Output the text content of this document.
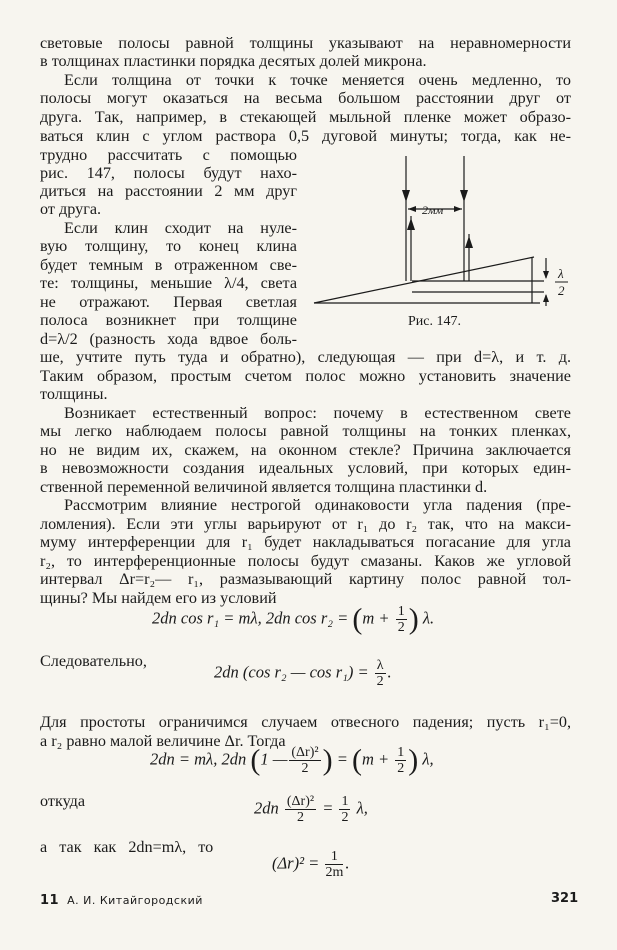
световые полосы равной толщины указывают на неравномерности
в толщинах пластинки порядка десятых долей микрона.
Если толщина от точки к точке меняется очень медленно, то
полосы могут оказаться на весьма большом расстоянии друг от
друга. Так, например, в стекающей мыльной пленке может образо-
ваться клин с углом раствора 0,5 дуговой минуты; тогда, как не-
трудно рассчитать с помощью
рис. 147, полосы будут нахо-
диться на расстоянии 2 мм друг
от друга.
Если клин сходит на нуле-
вую толщину, то конец клина
будет темным в отраженном све-
те: толщины, меньшие λ/4, света
не отражают. Первая светлая
полоса возникнет при толщине
d=λ/2 (разность хода вдвое боль-
ше, учтите путь туда и обратно), следующая — при d=λ, и т. д.
Таким образом, простым счетом полос можно установить значение
толщины.
Возникает естественный вопрос: почему в естественном свете
мы легко наблюдаем полосы равной толщины на тонких пленках,
но не видим их, скажем, на оконном стекле? Причина заключается
в невозможности создания идеальных условий, при которых един-
ственной переменной величиной является толщина пластинки d.
Рассмотрим влияние нестрогой одинаковости угла падения (пре-
ломления). Если эти углы варьируют от r₁ до r₂ так, что на макси-
муму интерференции для r₁ будет накладываться погасание для угла
r₂, то интерференционные полосы будут смазаны. Каков же угловой
интервал Δr=r₂— r₁, размазывающий картину полос равной тол-
щины? Мы найдем его из условий
Следовательно,
Для простоты ограничимся случаем отвесного падения; пусть r₁=0,
а r₂ равно малой величине Δr. Тогда
откуда
а так как 2dn=mλ, то
2dn cos r₁ = mλ, 2dn $\cos r_2 = (m + \frac{1}{2}$ ) λ.
2dn (cos r₂ — $\cos r_1) = \frac{\lambda}{2}$ .
2dn = mλ, 2dn (1 — $\frac{\text{(Δr)²}}{2}$ ) = ($m + \frac{1}{2}$ ) λ,
$2dn \frac{\text{(Δr)²}}{2} = \frac{1}{2} \lambda$,
$(\Delta r)^2 = \frac{1}{2m}$ .
2мм
λ
2
Рис. 147.
11 А. И. Китайгородский	321
